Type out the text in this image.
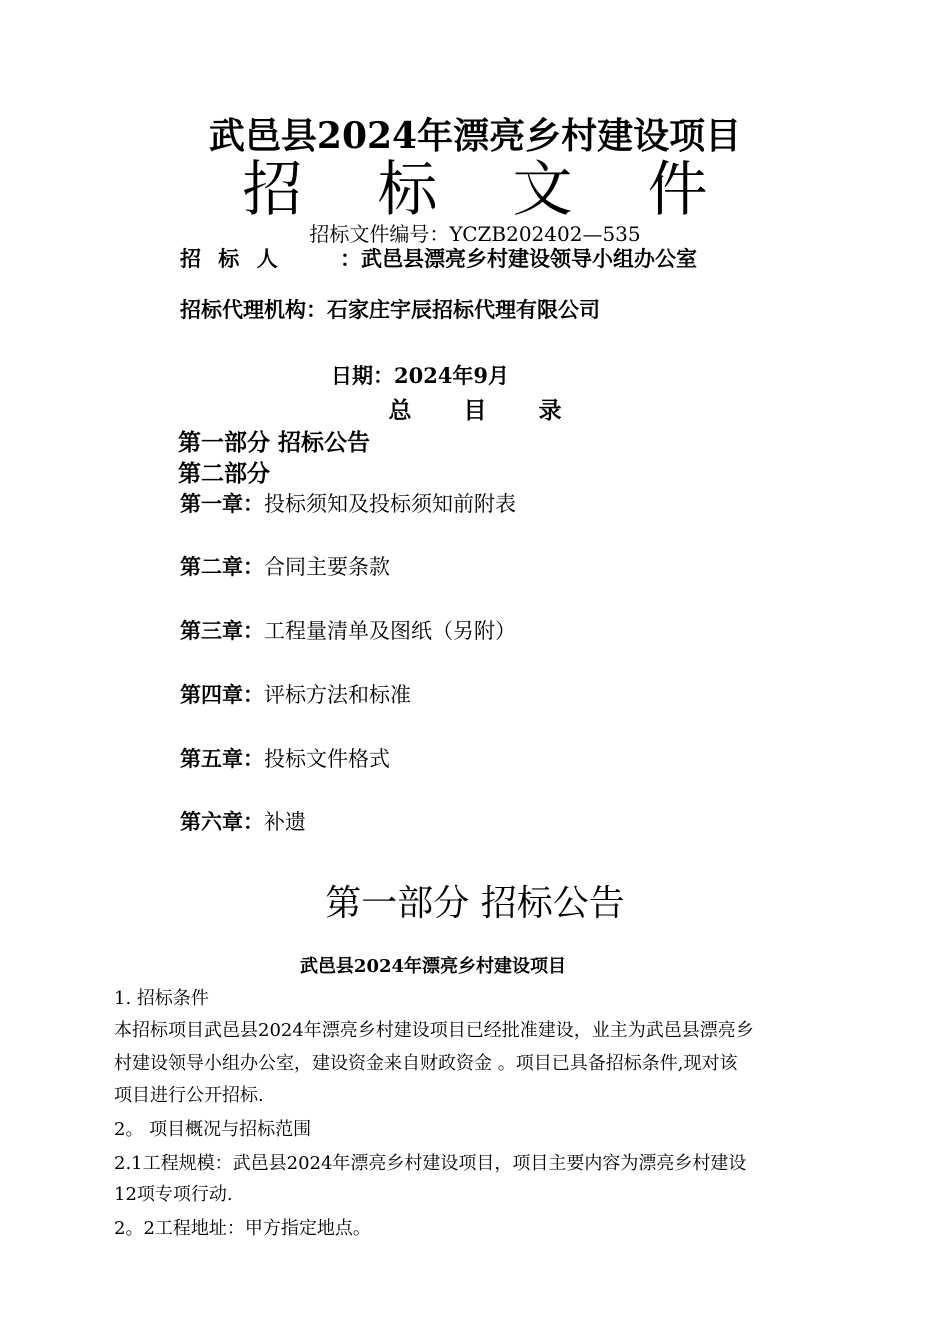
武邑县2024年漂亮乡村建设项目
招 标 文 件
招标文件编号：YCZB202402—535
招 标 人	：武邑县漂亮乡村建设领导小组办公室
招标代理机构：石家庄宇辰招标代理有限公司
日期：2024年9月
总 目 录
第一部分 招标公告
第二部分
第一章：投标须知及投标须知前附表
第二章：合同主要条款
第三章：工程量清单及图纸（另附）
第四章：评标方法和标准
第五章：投标文件格式
第六章：补遗
第一部分 招标公告
武邑县2024年漂亮乡村建设项目
1. 招标条件
本招标项目武邑县2024年漂亮乡村建设项目已经批准建设，业主为武邑县漂亮乡
村建设领导小组办公室，建设资金来自财政资金 。项目已具备招标条件,现对该
项目进行公开招标.
2。 项目概况与招标范围
2.1工程规模：武邑县2024年漂亮乡村建设项目，项目主要内容为漂亮乡村建设
12项专项行动.
2。2工程地址：甲方指定地点。
